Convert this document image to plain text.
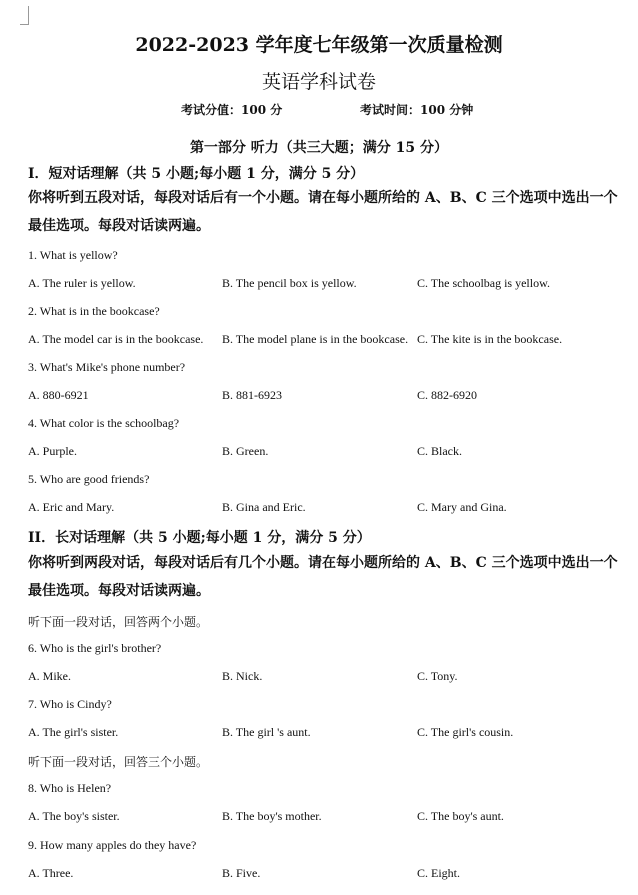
2022-2023 学年度七年级第一次质量检测
英语学科试卷
考试分值：100 分	考试时间：100 分钟
第一部分 听力（共三大题；满分 15 分）
I．短对话理解（共 5 小题;每小题 1 分，满分 5 分）
你将听到五段对话，每段对话后有一个小题。请在每小题所给的 A、B、C 三个选项中选出一个最佳选项。每段对话读两遍。
1. What is yellow?
A. The ruler is yellow.	B. The pencil box is yellow.	C. The schoolbag is yellow.
2. What is in the bookcase?
A. The model car is in the bookcase. B. The model plane is in the bookcase. C. The kite is in the bookcase.
3. What's Mike's phone number?
A. 880-6921	B. 881-6923	C. 882-6920
4. What color is the schoolbag?
A. Purple.	B. Green.	C. Black.
5. Who are good friends?
A. Eric and Mary.	B. Gina and Eric.	C. Mary and Gina.
II．长对话理解（共 5 小题;每小题 1 分，满分 5 分）
你将听到两段对话，每段对话后有几个小题。请在每小题所给的 A、B、C 三个选项中选出一个最佳选项。每段对话读两遍。
听下面一段对话，回答两个小题。
6. Who is the girl's brother?
A. Mike.	B. Nick.	C. Tony.
7. Who is Cindy?
A. The girl's sister.	B. The girl 's aunt.	C. The girl's cousin.
听下面一段对话，回答三个小题。
8. Who is Helen?
A. The boy's sister.	B. The boy's mother.	C. The boy's aunt.
9. How many apples do they have?
A. Three.	B. Five.	C. Eight.
